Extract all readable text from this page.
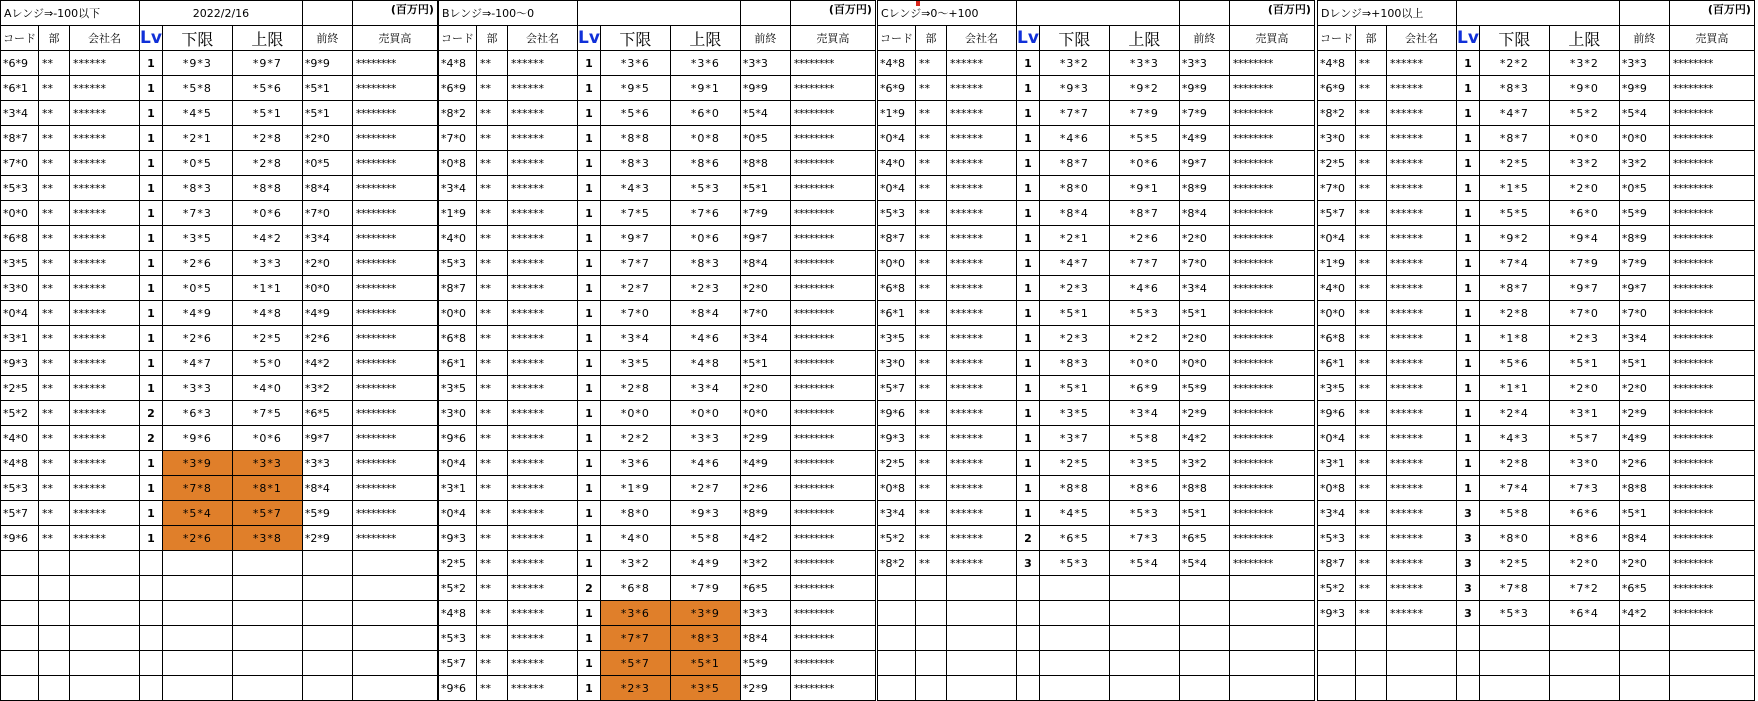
Aレンジ⇒-100以下			2022/2/16				(百万円)
コード	部	会社名	Lv	下限	上限	前終	売買高
*6*9	**	******	1	*9*3	*9*7	*9*9	********
*6*1	**	******	1	*5*8	*5*6	*5*1	********
*3*4	**	******	1	*4*5	*5*1	*5*1	********
*8*7	**	******	1	*2*1	*2*8	*2*0	********
*7*0	**	******	1	*0*5	*2*8	*0*5	********
*5*3	**	******	1	*8*3	*8*8	*8*4	********
*0*0	**	******	1	*7*3	*0*6	*7*0	********
*6*8	**	******	1	*3*5	*4*2	*3*4	********
*3*5	**	******	1	*2*6	*3*3	*2*0	********
*3*0	**	******	1	*0*5	*1*1	*0*0	********
*0*4	**	******	1	*4*9	*4*8	*4*9	********
*3*1	**	******	1	*2*6	*2*5	*2*6	********
*9*3	**	******	1	*4*7	*5*0	*4*2	********
*2*5	**	******	1	*3*3	*4*0	*3*2	********
*5*2	**	******	2	*6*3	*7*5	*6*5	********
*4*0	**	******	2	*9*6	*0*6	*9*7	********
*4*8	**	******	1	*3*9	*3*3	*3*3	********
*5*3	**	******	1	*7*8	*8*1	*8*4	********
*5*7	**	******	1	*5*4	*5*7	*5*9	********
*9*6	**	******	1	*2*6	*3*8	*2*9	********

Bレンジ⇒-100〜0							(百万円)
コード	部	会社名	Lv	下限	上限	前終	売買高
*4*8	**	******	1	*3*6	*3*6	*3*3	********
*6*9	**	******	1	*9*5	*9*1	*9*9	********
*8*2	**	******	1	*5*6	*6*0	*5*4	********
*7*0	**	******	1	*8*8	*0*8	*0*5	********
*0*8	**	******	1	*8*3	*8*6	*8*8	********
*3*4	**	******	1	*4*3	*5*3	*5*1	********
*1*9	**	******	1	*7*5	*7*6	*7*9	********
*4*0	**	******	1	*9*7	*0*6	*9*7	********
*5*3	**	******	1	*7*7	*8*3	*8*4	********
*8*7	**	******	1	*2*7	*2*3	*2*0	********
*0*0	**	******	1	*7*0	*8*4	*7*0	********
*6*8	**	******	1	*3*4	*4*6	*3*4	********
*6*1	**	******	1	*3*5	*4*8	*5*1	********
*3*5	**	******	1	*2*8	*3*4	*2*0	********
*3*0	**	******	1	*0*0	*0*0	*0*0	********
*9*6	**	******	1	*2*2	*3*3	*2*9	********
*0*4	**	******	1	*3*6	*4*6	*4*9	********
*3*1	**	******	1	*1*9	*2*7	*2*6	********
*0*4	**	******	1	*8*0	*9*3	*8*9	********
*9*3	**	******	1	*4*0	*5*8	*4*2	********
*2*5	**	******	1	*3*2	*4*9	*3*2	********
*5*2	**	******	2	*6*8	*7*9	*6*5	********
*4*8	**	******	1	*3*6	*3*9	*3*3	********
*5*3	**	******	1	*7*7	*8*3	*8*4	********
*5*7	**	******	1	*5*7	*5*1	*5*9	********
*9*6	**	******	1	*2*3	*3*5	*2*9	********
Cレンジ⇒0〜+100							(百万円)
コード	部	会社名	Lv	下限	上限	前終	売買高
*4*8	**	******	1	*3*2	*3*3	*3*3	********
*6*9	**	******	1	*9*3	*9*2	*9*9	********
*1*9	**	******	1	*7*7	*7*9	*7*9	********
*0*4	**	******	1	*4*6	*5*5	*4*9	********
*4*0	**	******	1	*8*7	*0*6	*9*7	********
*0*4	**	******	1	*8*0	*9*1	*8*9	********
*5*3	**	******	1	*8*4	*8*7	*8*4	********
*8*7	**	******	1	*2*1	*2*6	*2*0	********
*0*0	**	******	1	*4*7	*7*7	*7*0	********
*6*8	**	******	1	*2*3	*4*6	*3*4	********
*6*1	**	******	1	*5*1	*5*3	*5*1	********
*3*5	**	******	1	*2*3	*2*2	*2*0	********
*3*0	**	******	1	*8*3	*0*0	*0*0	********
*5*7	**	******	1	*5*1	*6*9	*5*9	********
*9*6	**	******	1	*3*5	*3*4	*2*9	********
*9*3	**	******	1	*3*7	*5*8	*4*2	********
*2*5	**	******	1	*2*5	*3*5	*3*2	********
*0*8	**	******	1	*8*8	*8*6	*8*8	********
*3*4	**	******	1	*4*5	*5*3	*5*1	********
*5*2	**	******	2	*6*5	*7*3	*6*5	********
*8*2	**	******	3	*5*3	*5*4	*5*4	********

Dレンジ⇒+100以上							(百万円)
コード	部	会社名	Lv	下限	上限	前終	売買高
*4*8	**	******	1	*2*2	*3*2	*3*3	********
*6*9	**	******	1	*8*3	*9*0	*9*9	********
*8*2	**	******	1	*4*7	*5*2	*5*4	********
*3*0	**	******	1	*8*7	*0*0	*0*0	********
*2*5	**	******	1	*2*5	*3*2	*3*2	********
*7*0	**	******	1	*1*5	*2*0	*0*5	********
*5*7	**	******	1	*5*5	*6*0	*5*9	********
*0*4	**	******	1	*9*2	*9*4	*8*9	********
*1*9	**	******	1	*7*4	*7*9	*7*9	********
*4*0	**	******	1	*8*7	*9*7	*9*7	********
*0*0	**	******	1	*2*8	*7*0	*7*0	********
*6*8	**	******	1	*1*8	*2*3	*3*4	********
*6*1	**	******	1	*5*6	*5*1	*5*1	********
*3*5	**	******	1	*1*1	*2*0	*2*0	********
*9*6	**	******	1	*2*4	*3*1	*2*9	********
*0*4	**	******	1	*4*3	*5*7	*4*9	********
*3*1	**	******	1	*2*8	*3*0	*2*6	********
*0*8	**	******	1	*7*4	*7*3	*8*8	********
*3*4	**	******	3	*5*8	*6*6	*5*1	********
*5*3	**	******	3	*8*0	*8*6	*8*4	********
*8*7	**	******	3	*2*5	*2*0	*2*0	********
*5*2	**	******	3	*7*8	*7*2	*6*5	********
*9*3	**	******	3	*5*3	*6*4	*4*2	********
